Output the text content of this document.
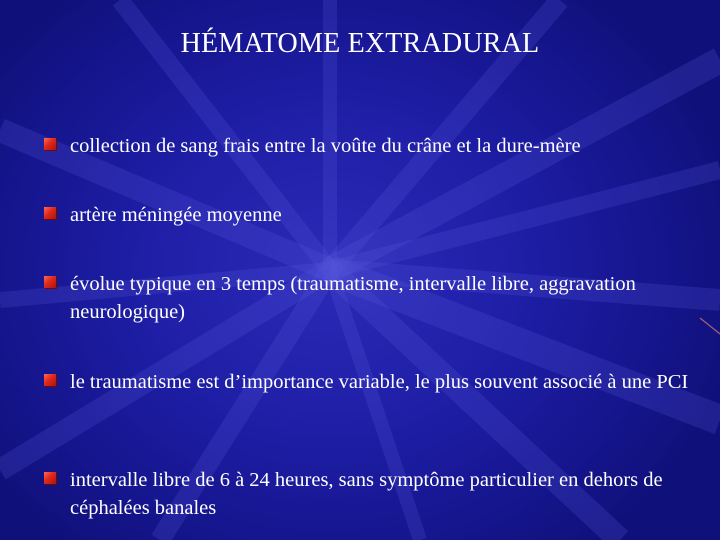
HÉMATOME EXTRADURAL
collection de sang frais entre la voûte du crâne et la dure-mère
artère méningée moyenne
évolue typique en 3 temps (traumatisme, intervalle libre, aggravation neurologique)
le traumatisme est d’importance variable, le plus souvent associé à une PCI
intervalle libre de 6 à 24 heures, sans symptôme particulier en dehors de céphalées banales
